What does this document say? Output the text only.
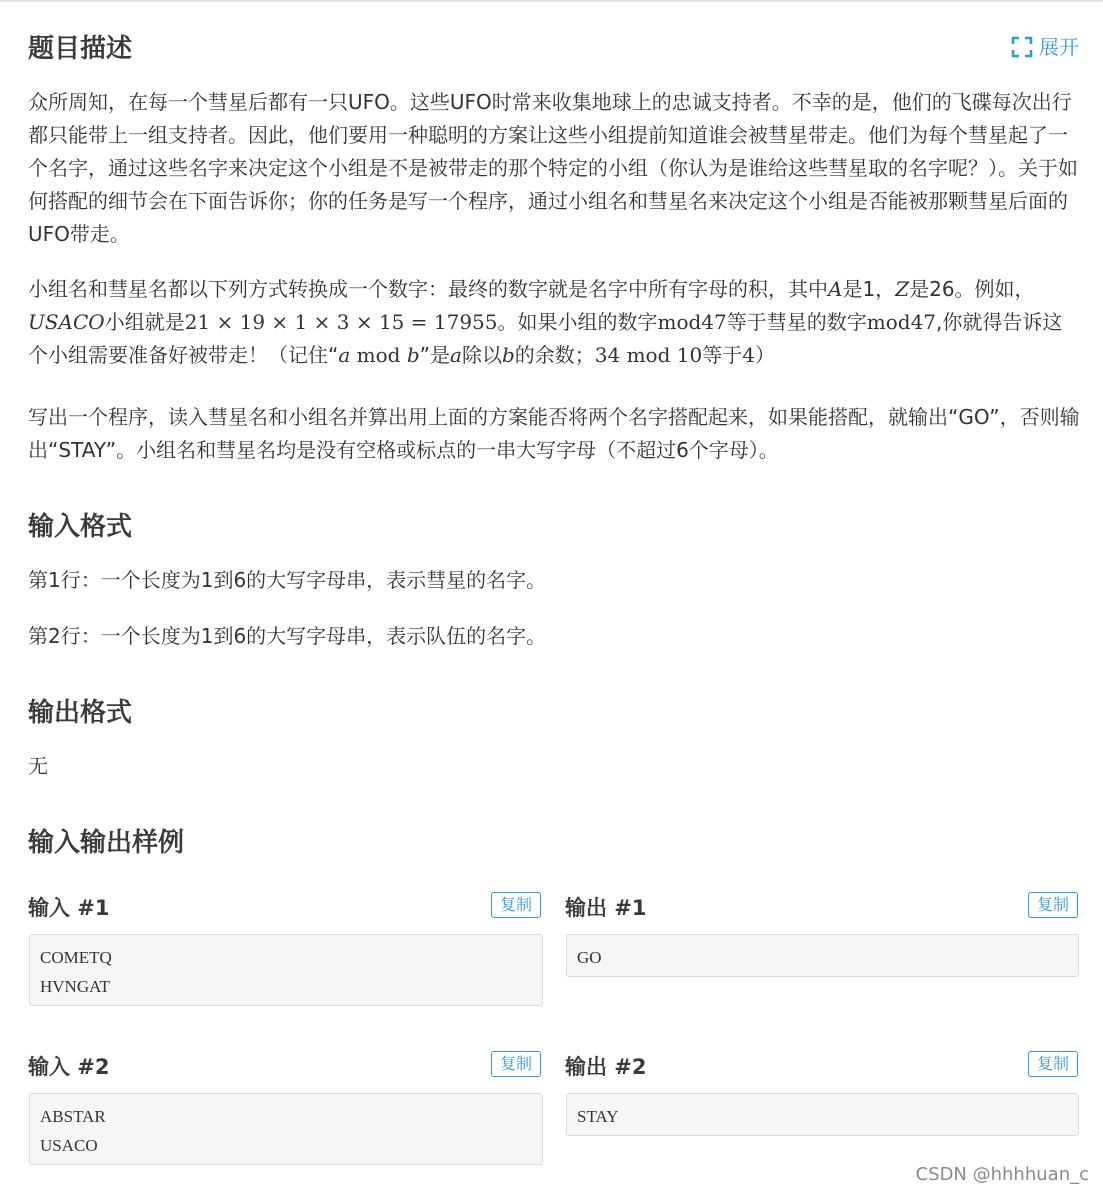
题目描述	展开

众所周知，在每一个彗星后都有一只UFO。这些UFO时常来收集地球上的忠诚支持者。不幸的是，他们的飞碟每次出行都只能带上一组支持者。因此，他们要用一种聪明的方案让这些小组提前知道谁会被彗星带走。他们为每个彗星起了一个名字，通过这些名字来决定这个小组是不是被带走的那个特定的小组（你认为是谁给这些彗星取的名字呢？）。关于如何搭配的细节会在下面告诉你；你的任务是写一个程序，通过小组名和彗星名来决定这个小组是否能被那颗彗星后面的UFO带走。

小组名和彗星名都以下列方式转换成一个数字：最终的数字就是名字中所有字母的积，其中A是1，Z是26。例如，USACO小组就是21 × 19 × 1 × 3 × 15 = 17955。如果小组的数字mod47等于彗星的数字mod47,你就得告诉这个小组需要准备好被带走！（记住“a mod b”是a除以b的余数；34 mod 10等于4）

写出一个程序，读入彗星名和小组名并算出用上面的方案能否将两个名字搭配起来，如果能搭配，就输出“GO”，否则输出“STAY”。小组名和彗星名均是没有空格或标点的一串大写字母（不超过6个字母）。

输入格式

第1行：一个长度为1到6的大写字母串，表示彗星的名字。

第2行：一个长度为1到6的大写字母串，表示队伍的名字。

输出格式

无

输入输出样例
输入 #1	复制
COMETQ
HVNGAT
输出 #1	复制
GO
输入 #2	复制
ABSTAR
USACO
输出 #2	复制
STAY
CSDN @hhhhuan_c
